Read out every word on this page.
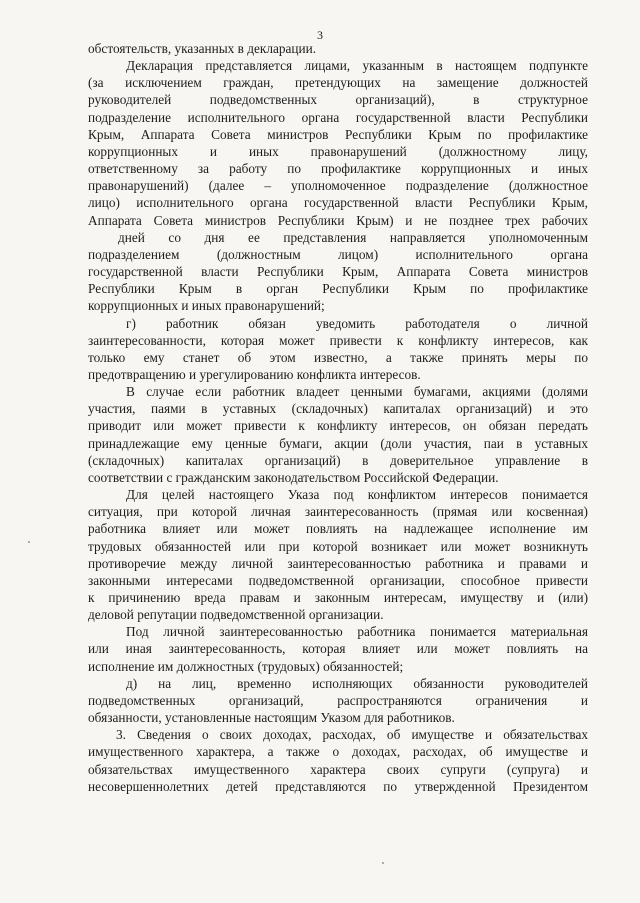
3
обстоятельств, указанных в декларации.
Декларация представляется лицами, указанным в настоящем подпункте
(за исключением граждан, претендующих на замещение должностей
руководителей подведомственных организаций), в структурное
подразделение исполнительного органа государственной власти Республики
Крым, Аппарата Совета министров Республики Крым по профилактике
коррупционных и иных правонарушений (должностному лицу,
ответственному за работу по профилактике коррупционных и иных
правонарушений) (далее – уполномоченное подразделение (должностное
лицо) исполнительного органа государственной власти Республики Крым,
Аппарата Совета министров Республики Крым) и не позднее трех рабочих
дней со дня ее представления направляется уполномоченным
подразделением (должностным лицом) исполнительного органа
государственной власти Республики Крым, Аппарата Совета министров
Республики Крым в орган Республики Крым по профилактике
коррупционных и иных правонарушений;
г) работник обязан уведомить работодателя о личной
заинтересованности, которая может привести к конфликту интересов, как
только ему станет об этом известно, а также принять меры по
предотвращению и урегулированию конфликта интересов.
В случае если работник владеет ценными бумагами, акциями (долями
участия, паями в уставных (складочных) капиталах организаций) и это
приводит или может привести к конфликту интересов, он обязан передать
принадлежащие ему ценные бумаги, акции (доли участия, паи в уставных
(складочных) капиталах организаций) в доверительное управление в
соответствии с гражданским законодательством Российской Федерации.
Для целей настоящего Указа под конфликтом интересов понимается
ситуация, при которой личная заинтересованность (прямая или косвенная)
работника влияет или может повлиять на надлежащее исполнение им
трудовых обязанностей или при которой возникает или может возникнуть
противоречие между личной заинтересованностью работника и правами и
законными интересами подведомственной организации, способное привести
к причинению вреда правам и законным интересам, имуществу и (или)
деловой репутации подведомственной организации.
Под личной заинтересованностью работника понимается материальная
или иная заинтересованность, которая влияет или может повлиять на
исполнение им должностных (трудовых) обязанностей;
д) на лиц, временно исполняющих обязанности руководителей
подведомственных организаций, распространяются ограничения и
обязанности, установленные настоящим Указом для работников.
3. Сведения о своих доходах, расходах, об имуществе и обязательствах
имущественного характера, а также о доходах, расходах, об имуществе и
обязательствах имущественного характера своих супруги (супруга) и
несовершеннолетних детей представляются по утвержденной Президентом
